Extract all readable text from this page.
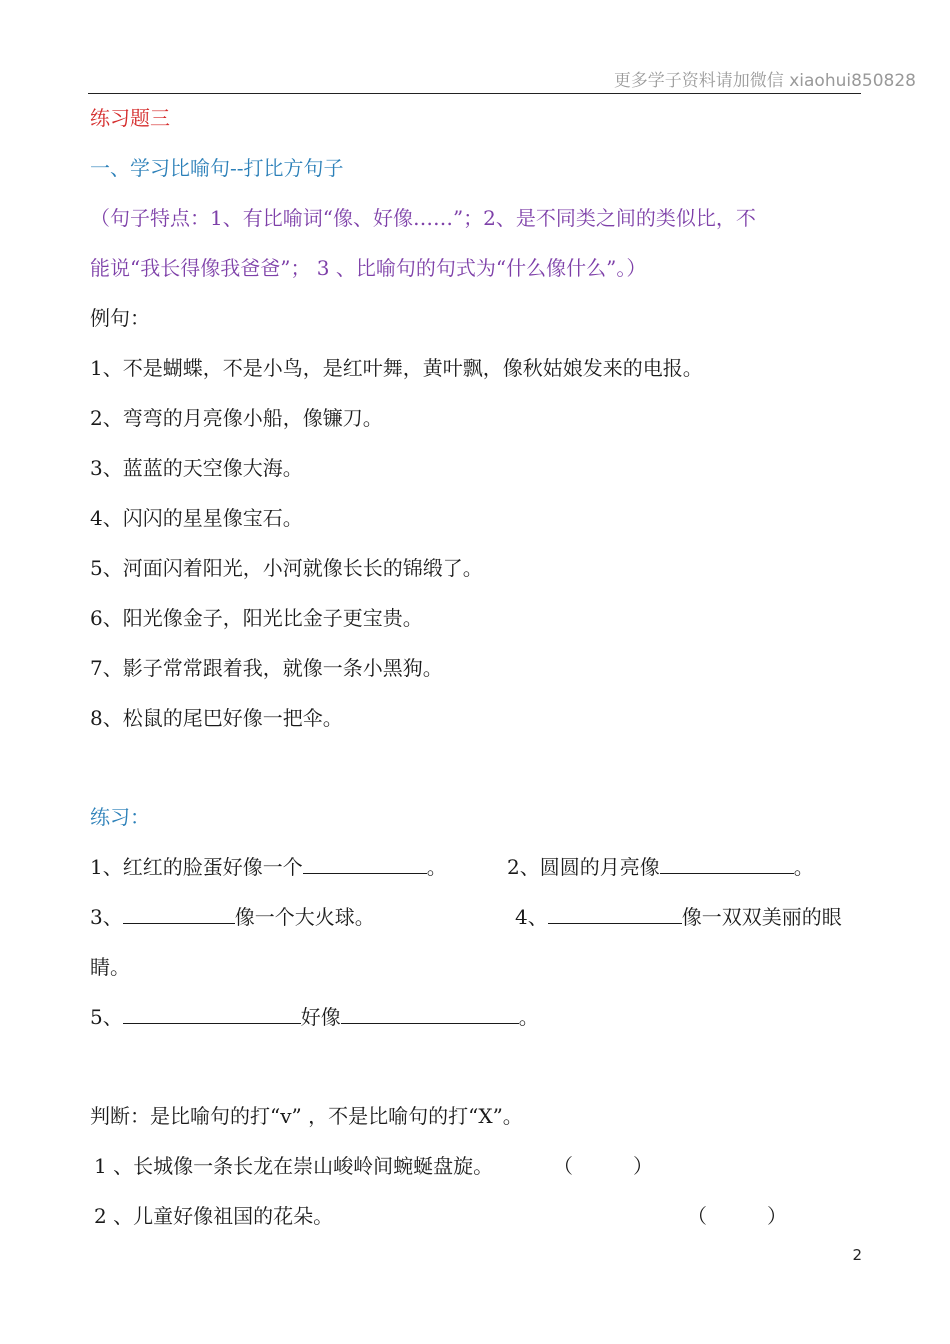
更多学子资料请加微信 xiaohui850828
练习题三
一、学习比喻句--打比方句子
（句子特点：1、有比喻词“像、好像……”；2、是不同类之间的类似比，不
能说“我长得像我爸爸”； 3 、比喻句的句式为“什么像什么”。）
例句：
1、不是蝴蝶，不是小鸟，是红叶舞，黄叶飘，像秋姑娘发来的电报。
2、弯弯的月亮像小船，像镰刀。
3、蓝蓝的天空像大海。
4、闪闪的星星像宝石。
5、河面闪着阳光，小河就像长长的锦缎了。
6、阳光像金子，阳光比金子更宝贵。
7、影子常常跟着我，就像一条小黑狗。
8、松鼠的尾巴好像一把伞。
练习：
1、红红的脸蛋好像一个	。	2、圆圆的月亮像	。
3、	像一个大火球。	4、	像一双双美丽的眼
睛。
5、	好像	。
判断：是比喻句的打“v” ，不是比喻句的打“X”。
1 、长城像一条长龙在崇山峻岭间蜿蜒盘旋。	（　　　）
2 、儿童好像祖国的花朵。	（　　　）
2
